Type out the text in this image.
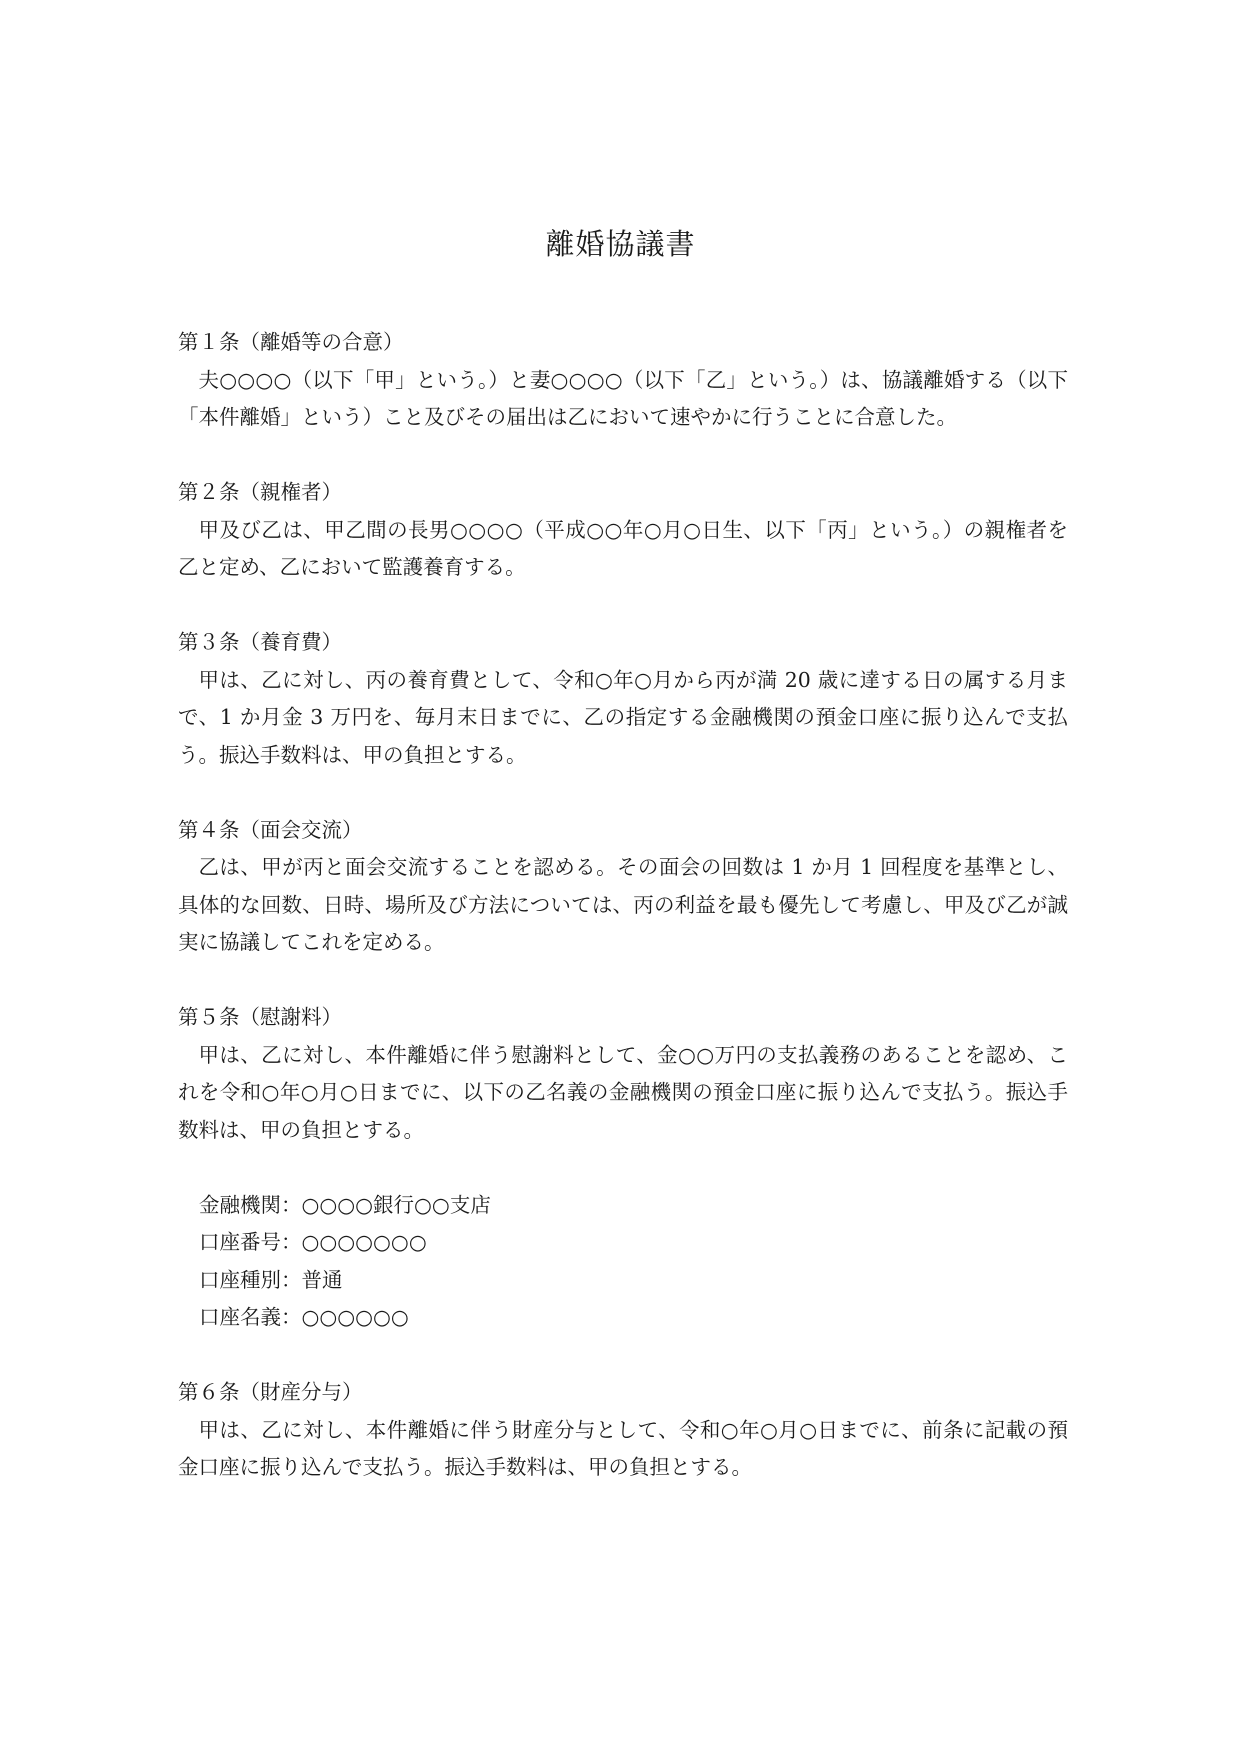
離婚協議書

第１条（離婚等の合意）

夫○○○○（以下「甲」という。）と妻○○○○（以下「乙」という。）は、協議離婚する（以下「本件離婚」という）こと及びその届出は乙において速やかに行うことに合意した。

第２条（親権者）

甲及び乙は、甲乙間の長男○○○○（平成○○年○月○日生、以下「丙」という。）の親権者を乙と定め、乙において監護養育する。

第３条（養育費）

甲は、乙に対し、丙の養育費として、令和○年○月から丙が満 20 歳に達する日の属する月まで、1 か月金 3 万円を、毎月末日までに、乙の指定する金融機関の預金口座に振り込んで支払う。振込手数料は、甲の負担とする。

第４条（面会交流）

乙は、甲が丙と面会交流することを認める。その面会の回数は 1 か月 1 回程度を基準とし、具体的な回数、日時、場所及び方法については、丙の利益を最も優先して考慮し、甲及び乙が誠実に協議してこれを定める。

第５条（慰謝料）

甲は、乙に対し、本件離婚に伴う慰謝料として、金○○万円の支払義務のあることを認め、これを令和○年○月○日までに、以下の乙名義の金融機関の預金口座に振り込んで支払う。振込手数料は、甲の負担とする。

金融機関：○○○○銀行○○支店

口座番号：○○○○○○○

口座種別：普通

口座名義：○○○○○○

第６条（財産分与）

甲は、乙に対し、本件離婚に伴う財産分与として、令和○年○月○日までに、前条に記載の預金口座に振り込んで支払う。振込手数料は、甲の負担とする。
